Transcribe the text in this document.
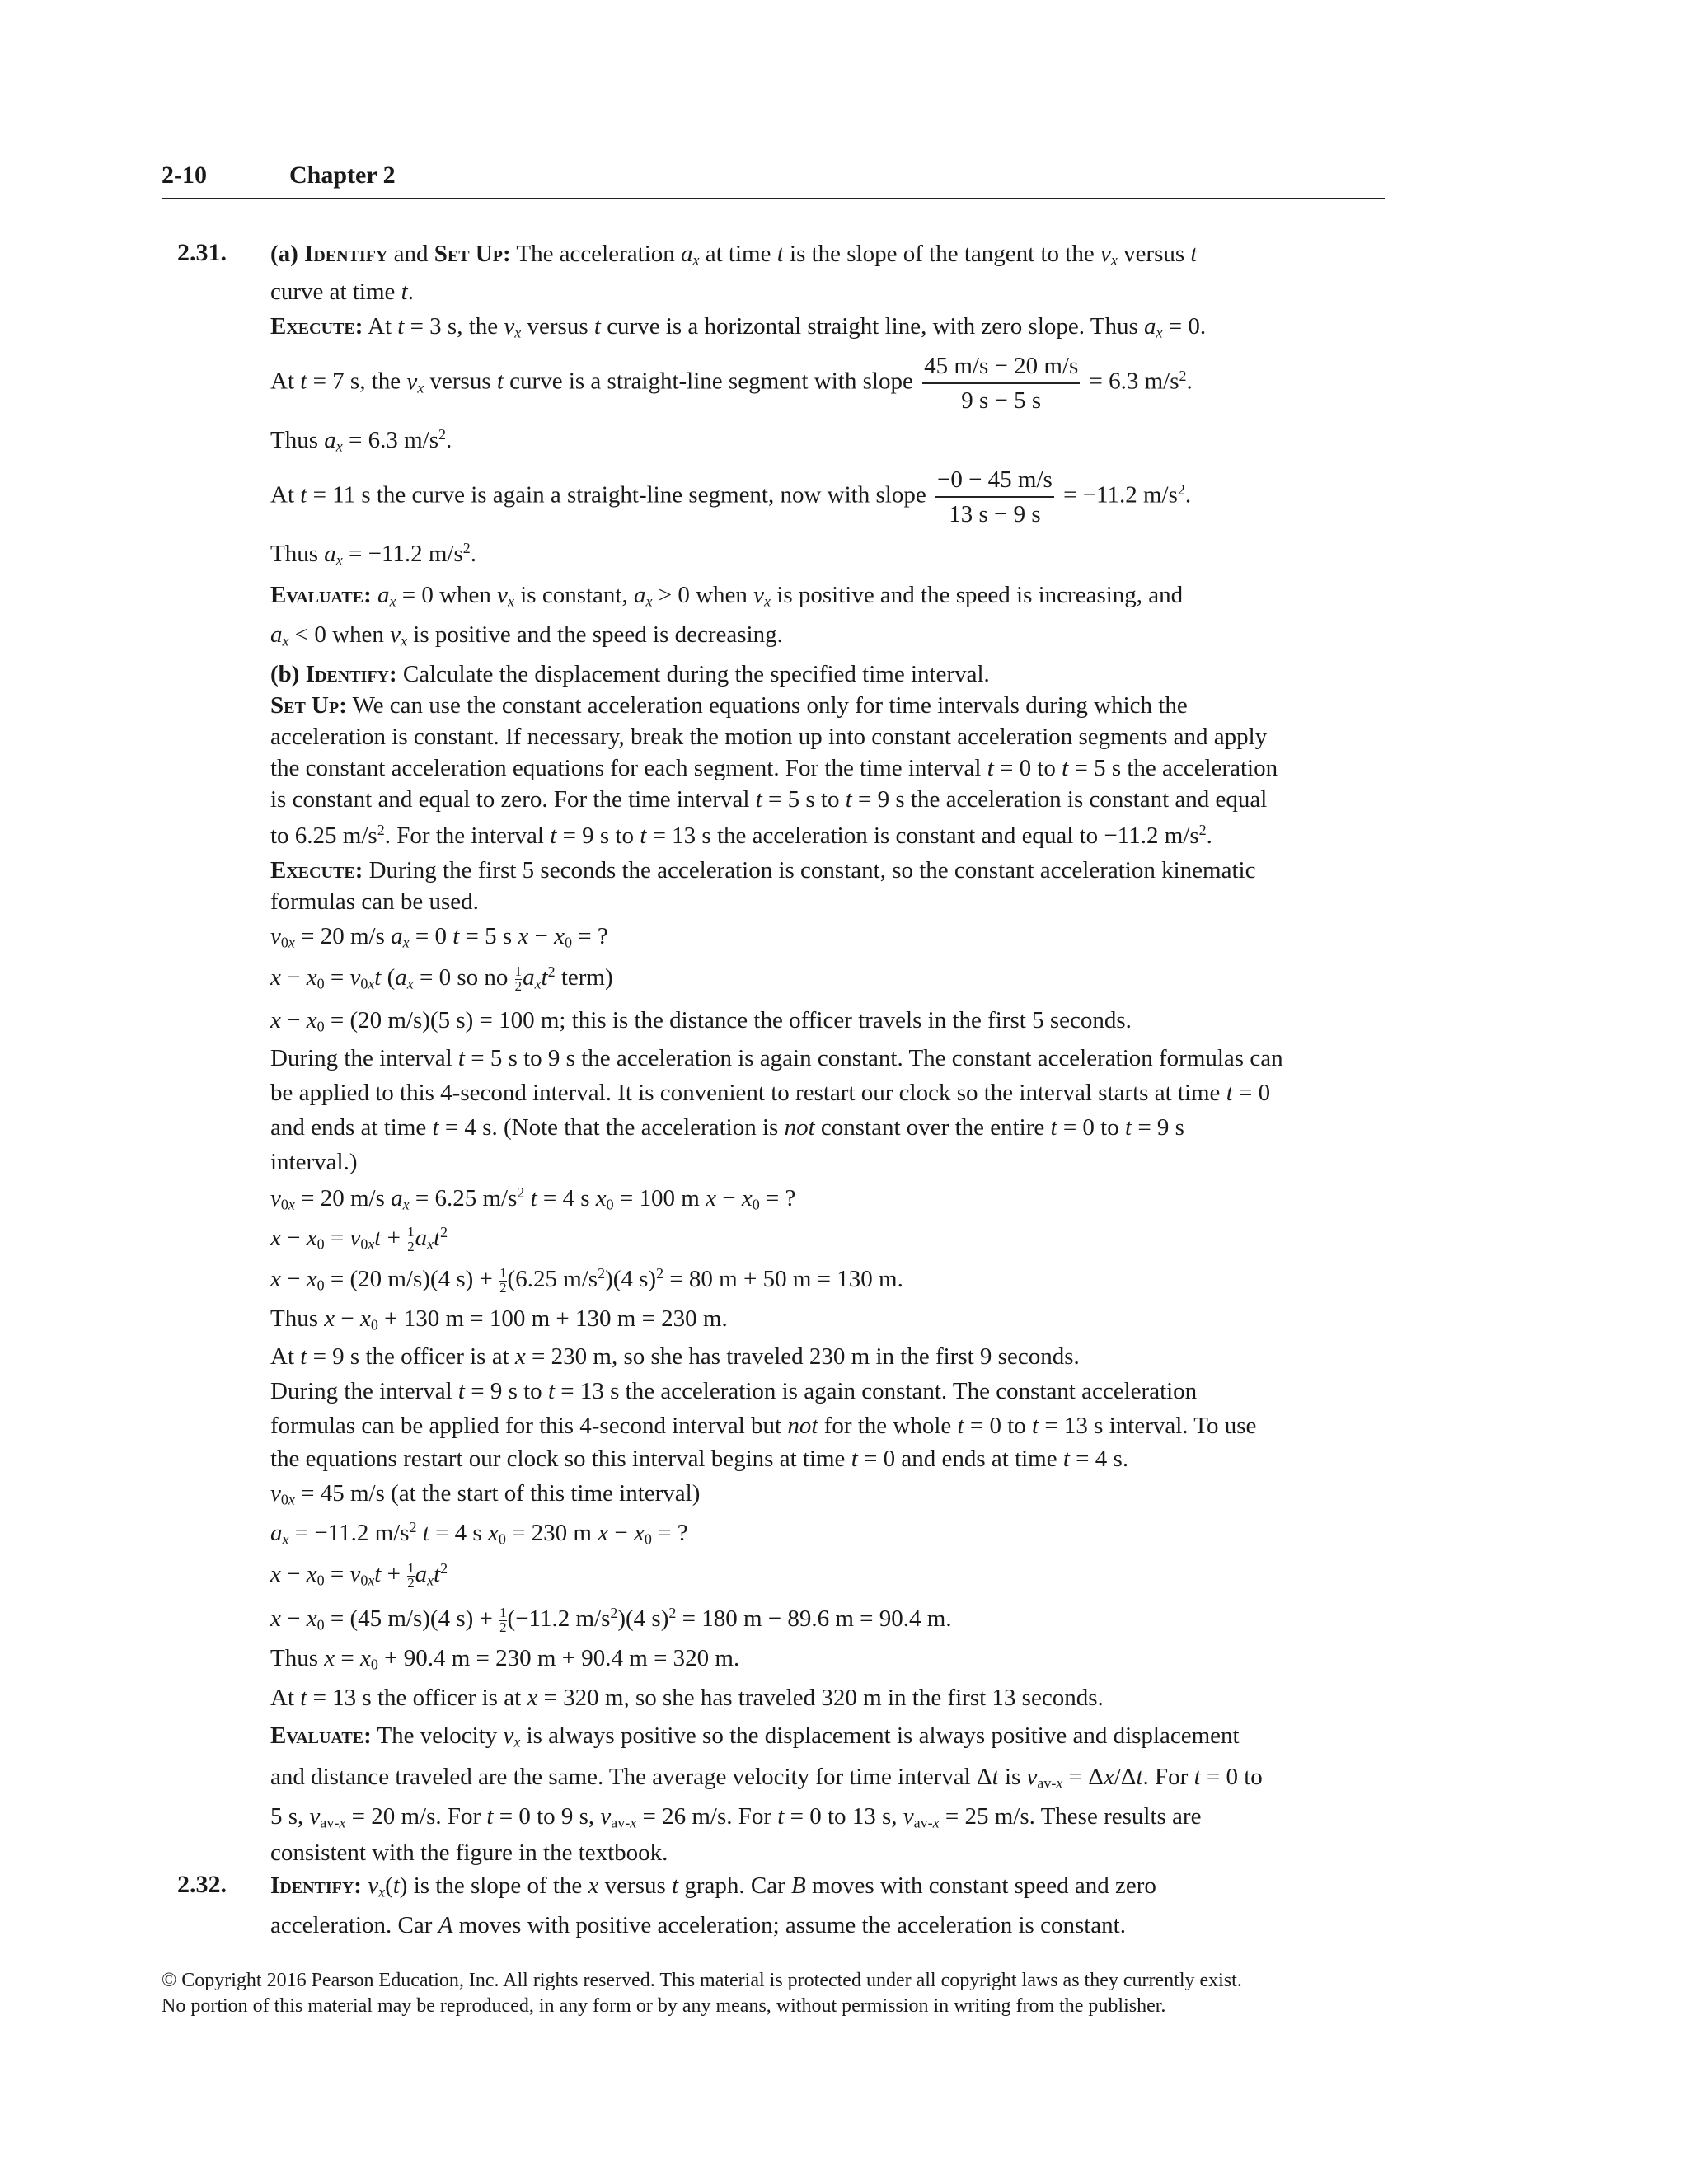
2-10	Chapter 2
2.31. (a) Identify and Set Up: The acceleration $a_x$ at time t is the slope of the tangent to the $v_x$ versus t
curve at time t.
Execute: At t = 3 s, the $v_x$ versus t curve is a horizontal straight line, with zero slope. Thus $a_x = 0$.
At t = 7 s, the $v_x$ versus t curve is a straight-line segment with slope $\frac{45 m/s - 20 m/s}{9 s - 5 s} = 6.3$ $m/s^2$.
Thus $a_x = 6.3$ $m/s^2$.
At t = 11 s the curve is again a straight-line segment, now with slope $\frac{-0 - 45 m/s}{13 s - 9 s} = -11.2$ $m/s^2$.
Thus $a_x = -11.2$ $m/s^2$.
Evaluate: $a_x = 0$ when $v_x$ is constant, $a_x > 0$ when $v_x$ is positive and the speed is increasing, and
$a_x < 0$ when $v_x$ is positive and the speed is decreasing.
(b) Identify: Calculate the displacement during the specified time interval.
Set Up: We can use the constant acceleration equations only for time intervals during which the
acceleration is constant. If necessary, break the motion up into constant acceleration segments and apply
the constant acceleration equations for each segment. For the time interval t = 0 to t = 5 s the acceleration
is constant and equal to zero. For the time interval t = 5 s to t = 9 s the acceleration is constant and equal
to 6.25 $m/s^2$. For the interval t = 9 s to t = 13 s the acceleration is constant and equal to −11.2 $m/s^2$.
Execute: During the first 5 seconds the acceleration is constant, so the constant acceleration kinematic
formulas can be used.
$v_{0x} = 20$ m/s $a_x = 0$ t = 5 s $x - x_0$ = ?
$x - x_0 = v_{0x}t$ ($a_x = 0$ so no $\frac{1}{2} a_xt^2$ term)
$x - x_0 = (20$ m/s)(5 s) = 100 m; this is the distance the officer travels in the first 5 seconds.
During the interval t = 5 s to 9 s the acceleration is again constant. The constant acceleration formulas can
be applied to this 4-second interval. It is convenient to restart our clock so the interval starts at time t = 0
and ends at time t = 4 s. (Note that the acceleration is not constant over the entire t = 0 to t = 9 s
interval.)
$v_{0x} = 20$ m/s $a_x = 6.25$ $m/s^2$ t = 4 s $x_0 = 100$ m $x - x_0$ = ?
$x - x_0 = v_{0x}t + \frac{1}{2} a_xt^2$
$x - x_0 = (20$ m/s)(4 $s) + \frac{1}{2} (6.25$ $m/s^2)(4$ s)$^2$ = 80 m + 50 m = 130 m.
Thus $x - x_0 + 130$ m = 100 m + 130 m = 230 m.
At t = 9 s the officer is at x = 230 m, so she has traveled 230 m in the first 9 seconds.
During the interval t = 9 s to t = 13 s the acceleration is again constant. The constant acceleration
formulas can be applied for this 4-second interval but not for the whole t = 0 to t = 13 s interval. To use
the equations restart our clock so this interval begins at time t = 0 and ends at time t = 4 s.
$v_{0x} = 45$ m/s (at the start of this time interval)
$a_x = -11.2$ $m/s^2$ t = 4 s $x_0 = 230$ m $x - x_0$ = ?
$x - x_0 = v_{0x}t + \frac{1}{2} a_xt^2$
$x - x_0 = (45$ m/s)(4 $s) + \frac{1}{2} (-11.2$ $m/s^2)(4$ s)$^2$ = 180 m − 89.6 m = 90.4 m.
Thus $x = x_0 + 90.4$ m = 230 m + 90.4 m = 320 m.
At t = 13 s the officer is at x = 320 m, so she has traveled 320 m in the first 13 seconds.
Evaluate: The velocity $v_x$ is always positive so the displacement is always positive and displacement
and distance traveled are the same. The average velocity for time interval Δt is $v_{av-x} = \Delta x/\Delta t$. For t = 0 to
5 s, $v_{av-x} = 20$ m/s. For t = 0 to 9 s, $v_{av-x} = 26$ m/s. For t = 0 to 13 s, $v_{av-x} = 25$ m/s. These results are
consistent with the figure in the textbook.
2.32. Identify: $v_x(t)$ is the slope of the x versus t graph. Car B moves with constant speed and zero
acceleration. Car A moves with positive acceleration; assume the acceleration is constant.
© Copyright 2016 Pearson Education, Inc. All rights reserved. This material is protected under all copyright laws as they currently exist.
No portion of this material may be reproduced, in any form or by any means, without permission in writing from the publisher.
